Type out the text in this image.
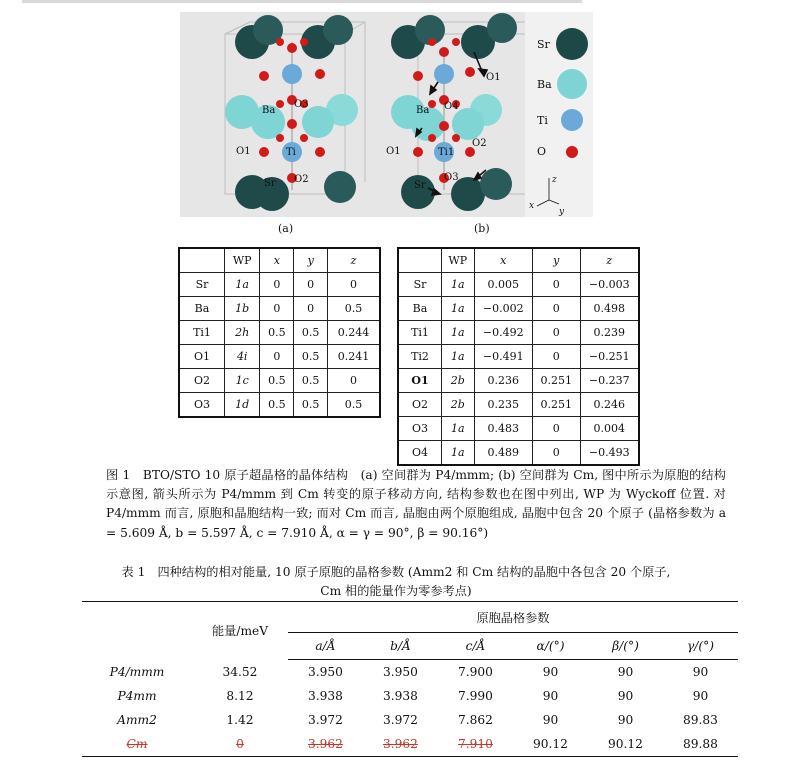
Ba
O3
O1	Ti
O2
Sr
O1
Ba O4
O2
O1	Ti1
O3
Sr
Sr
Ba
Ti
O
z
x
y
(a)	(b)
	WP	x	y	z
Sr	1a	0	0	0
Ba	1b	0	0	0.5
Ti1	2h	0.5	0.5	0.244
O1	4i	0	0.5	0.241
O2	1c	0.5	0.5	0
O3	1d	0.5	0.5	0.5
	WP	x	y	z
Sr	1a	0.005	0	−0.003
Ba	1a	−0.002	0	0.498
Ti1	1a	−0.492	0	0.239
Ti2	1a	−0.491	0	−0.251
O1	2b	0.236	0.251	−0.237
O2	2b	0.235	0.251	0.246
O3	1a	0.483	0	0.004
O4	1a	0.489	0	−0.493
图 1　BTO/STO 10 原子超晶格的晶体结构　(a) 空间群为 P4/mmm; (b) 空间群为 Cm, 图中所示为原胞的结构示意图, 箭头所示为 P4/mmm 到 Cm 转变的原子移动方向, 结构参数也在图中列出, WP 为 Wyckoff 位置. 对 P4/mmm 而言, 原胞和晶胞结构一致; 而对 Cm 而言, 晶胞由两个原胞组成, 晶胞中包含 20 个原子 (晶格参数为 a = 5.609 Å, b = 5.597 Å, c = 7.910 Å, α = γ = 90°, β = 90.16°)
表 1　四种结构的相对能量, 10 原子原胞的晶格参数 (Amm2 和 Cm 结构的晶胞中各包含 20 个原子,
Cm 相的能量作为零参考点)
	能量/meV	原胞晶格参数					
		a/Å	b/Å	c/Å	α/(°)	β/(°)	γ/(°)
P4/mmm	34.52	3.950	3.950	7.900	90	90	90
P4mm	8.12	3.938	3.938	7.990	90	90	90
Amm2	1.42	3.972	3.972	7.862	90	90	89.83
Cm	0	3.962	3.962	7.910	90.12	90.12	89.88
